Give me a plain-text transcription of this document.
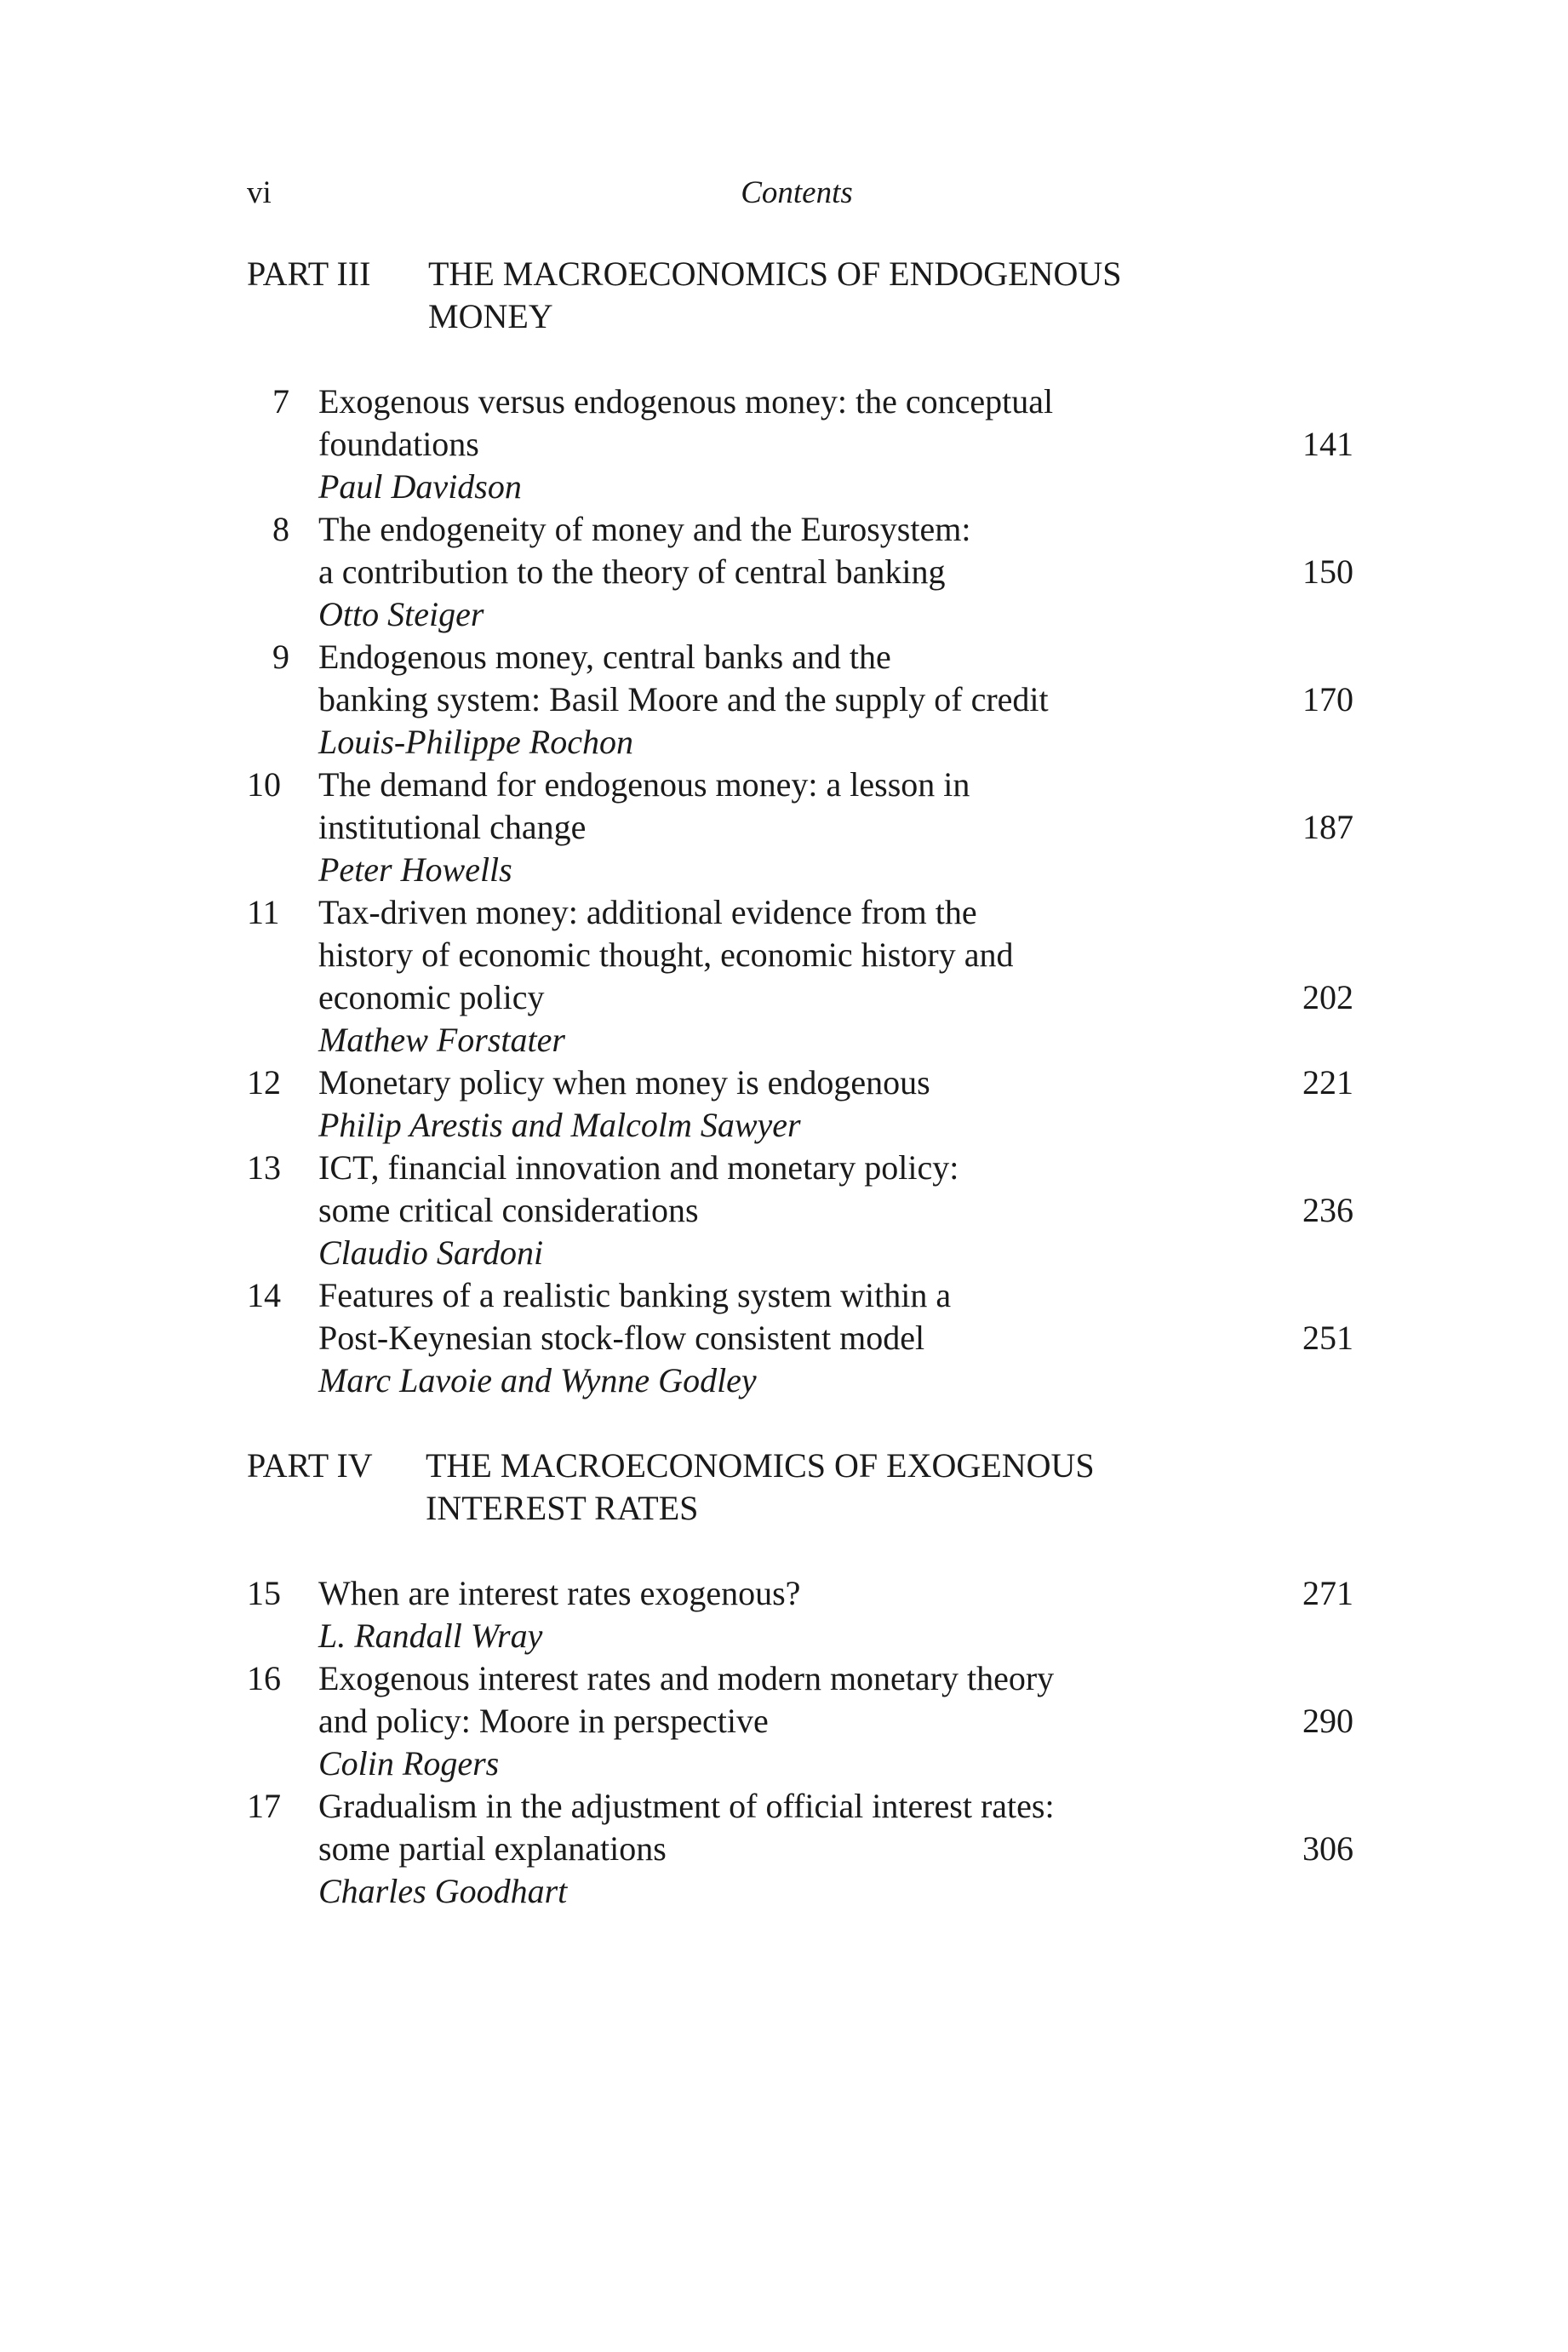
vi	Contents
PART III THE MACROECONOMICS OF ENDOGENOUS
MONEY
7 Exogenous versus endogenous money: the conceptual
foundations	141
Paul Davidson
8 The endogeneity of money and the Eurosystem:
a contribution to the theory of central banking	150
Otto Steiger
9 Endogenous money, central banks and the
banking system: Basil Moore and the supply of credit	170
Louis-Philippe Rochon
10 The demand for endogenous money: a lesson in
institutional change	187
Peter Howells
11 Tax-driven money: additional evidence from the
history of economic thought, economic history and
economic policy	202
Mathew Forstater
12 Monetary policy when money is endogenous	221
Philip Arestis and Malcolm Sawyer
13 ICT, financial innovation and monetary policy:
some critical considerations	236
Claudio Sardoni
14 Features of a realistic banking system within a
Post-Keynesian stock-flow consistent model	251
Marc Lavoie and Wynne Godley
PART IV THE MACROECONOMICS OF EXOGENOUS
INTEREST RATES
15 When are interest rates exogenous?	271
L. Randall Wray
16 Exogenous interest rates and modern monetary theory
and policy: Moore in perspective	290
Colin Rogers
17 Gradualism in the adjustment of official interest rates:
some partial explanations	306
Charles Goodhart
